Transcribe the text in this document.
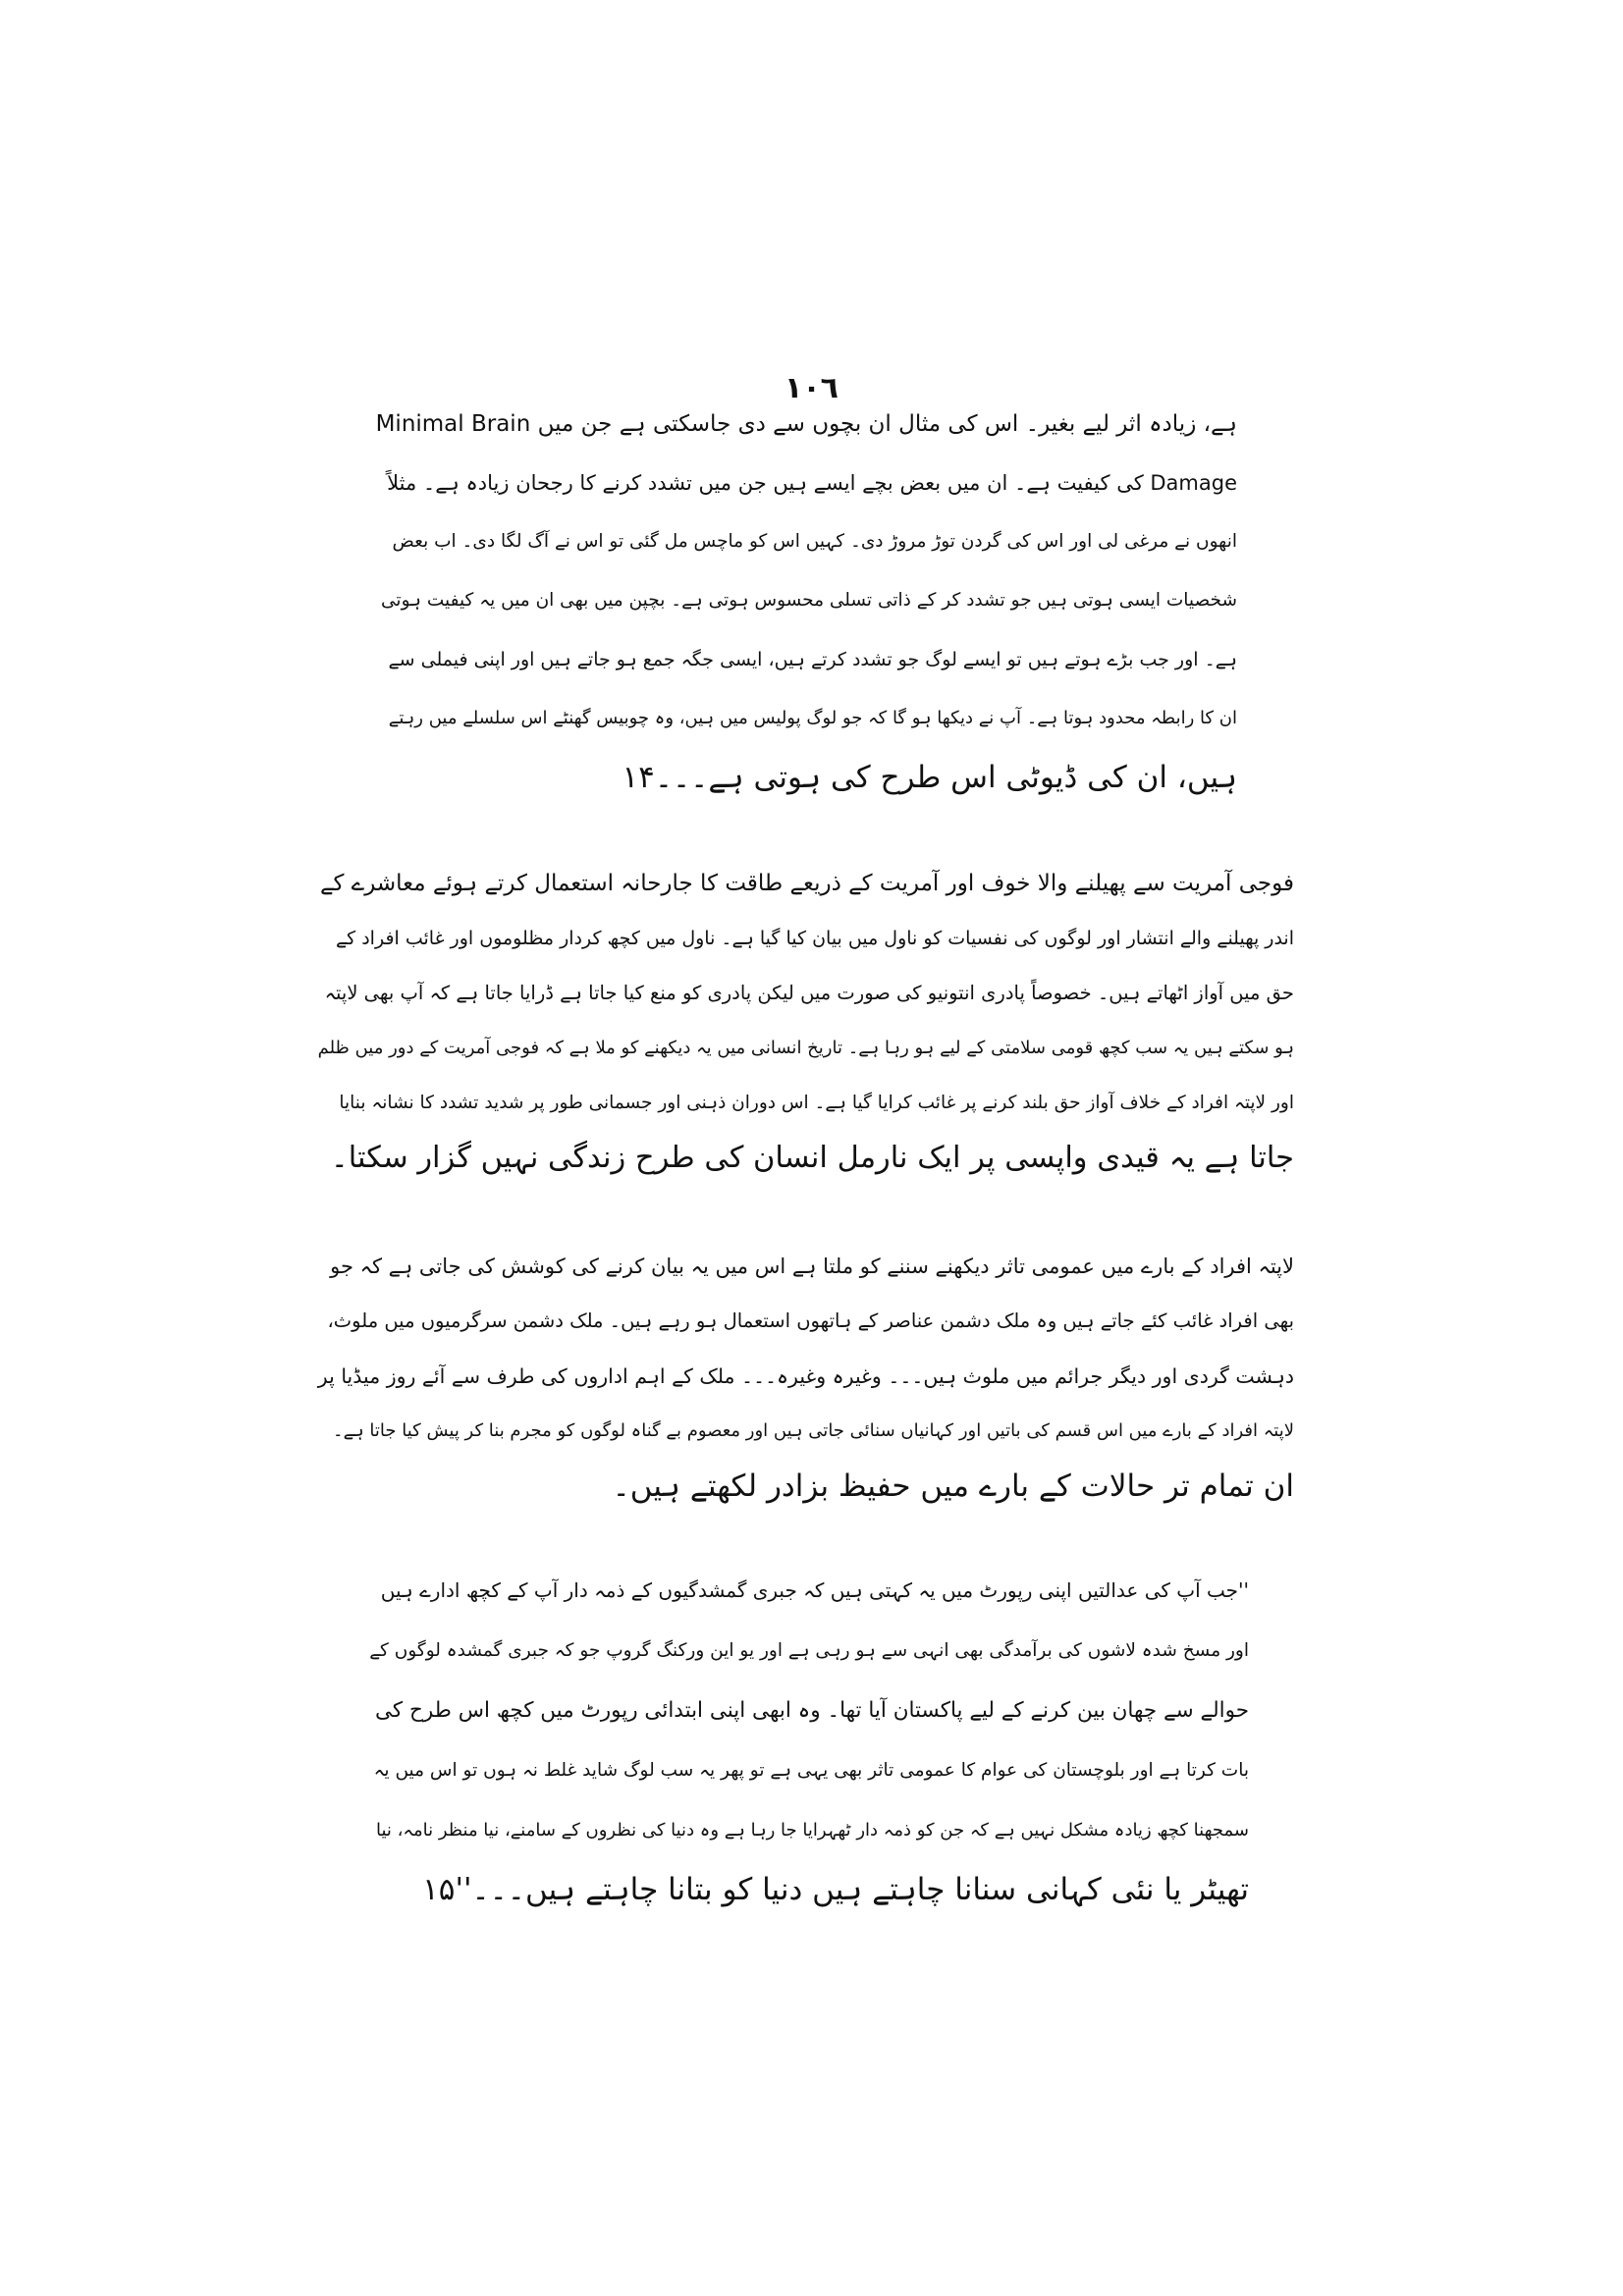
١٠٦
ہے، زیادہ اثر لیے بغیر۔ اس کی مثال ان بچوں سے دی جاسکتی ہے جن میں Minimal Brain
Damage کی کیفیت ہے۔ ان میں بعض بچے ایسے ہیں جن میں تشدد کرنے کا رجحان زیادہ ہے۔ مثلاً
انھوں نے مرغی لی اور اس کی گردن توڑ مروڑ دی۔ کہیں اس کو ماچس مل گئی تو اس نے آگ لگا دی۔ اب بعض
شخصیات ایسی ہوتی ہیں جو تشدد کر کے ذاتی تسلی محسوس ہوتی ہے۔ بچپن میں بھی ان میں یہ کیفیت ہوتی
ہے۔ اور جب بڑے ہوتے ہیں تو ایسے لوگ جو تشدد کرتے ہیں، ایسی جگہ جمع ہو جاتے ہیں اور اپنی فیملی سے
ان کا رابطہ محدود ہوتا ہے۔ آپ نے دیکھا ہو گا کہ جو لوگ پولیس میں ہیں، وہ چوبیس گھنٹے اس سلسلے میں رہتے
ہیں، ان کی ڈیوٹی اس طرح کی ہوتی ہے۔۔۔۱۴
فوجی آمریت سے پھیلنے والا خوف اور آمریت کے ذریعے طاقت کا جارحانہ استعمال کرتے ہوئے معاشرے کے
اندر پھیلنے والے انتشار اور لوگوں کی نفسیات کو ناول میں بیان کیا گیا ہے۔ ناول میں کچھ کردار مظلوموں اور غائب افراد کے
حق میں آواز اٹھاتے ہیں۔ خصوصاً پادری انتونیو کی صورت میں لیکن پادری کو منع کیا جاتا ہے ڈرایا جاتا ہے کہ آپ بھی لاپتہ
ہو سکتے ہیں یہ سب کچھ قومی سلامتی کے لیے ہو رہا ہے۔ تاریخ انسانی میں یہ دیکھنے کو ملا ہے کہ فوجی آمریت کے دور میں ظلم
اور لاپتہ افراد کے خلاف آواز حق بلند کرنے پر غائب کرایا گیا ہے۔ اس دوران ذہنی اور جسمانی طور پر شدید تشدد کا نشانہ بنایا
جاتا ہے یہ قیدی واپسی پر ایک نارمل انسان کی طرح زندگی نہیں گزار سکتا۔
لاپتہ افراد کے بارے میں عمومی تاثر دیکھنے سننے کو ملتا ہے اس میں یہ بیان کرنے کی کوشش کی جاتی ہے کہ جو
بھی افراد غائب کئے جاتے ہیں وہ ملک دشمن عناصر کے ہاتھوں استعمال ہو رہے ہیں۔ ملک دشمن سرگرمیوں میں ملوث،
دہشت گردی اور دیگر جرائم میں ملوث ہیں۔۔۔ وغیرہ وغیرہ۔۔۔ ملک کے اہم اداروں کی طرف سے آئے روز میڈیا پر
لاپتہ افراد کے بارے میں اس قسم کی باتیں اور کہانیاں سنائی جاتی ہیں اور معصوم بے گناہ لوگوں کو مجرم بنا کر پیش کیا جاتا ہے۔
ان تمام تر حالات کے بارے میں حفیظ بزادر لکھتے ہیں۔
''جب آپ کی عدالتیں اپنی رپورٹ میں یہ کہتی ہیں کہ جبری گمشدگیوں کے ذمہ دار آپ کے کچھ ادارے ہیں
اور مسخ شدہ لاشوں کی برآمدگی بھی انہی سے ہو رہی ہے اور یو این ورکنگ گروپ جو کہ جبری گمشدہ لوگوں کے
حوالے سے چھان بین کرنے کے لیے پاکستان آیا تھا۔ وہ ابھی اپنی ابتدائی رپورٹ میں کچھ اس طرح کی
بات کرتا ہے اور بلوچستان کی عوام کا عمومی تاثر بھی یہی ہے تو پھر یہ سب لوگ شاید غلط نہ ہوں تو اس میں یہ
سمجھنا کچھ زیادہ مشکل نہیں ہے کہ جن کو ذمہ دار ٹھہرایا جا رہا ہے وہ دنیا کی نظروں کے سامنے، نیا منظر نامہ، نیا
تھیٹر یا نئی کہانی سنانا چاہتے ہیں دنیا کو بتانا چاہتے ہیں۔۔۔''۱۵
